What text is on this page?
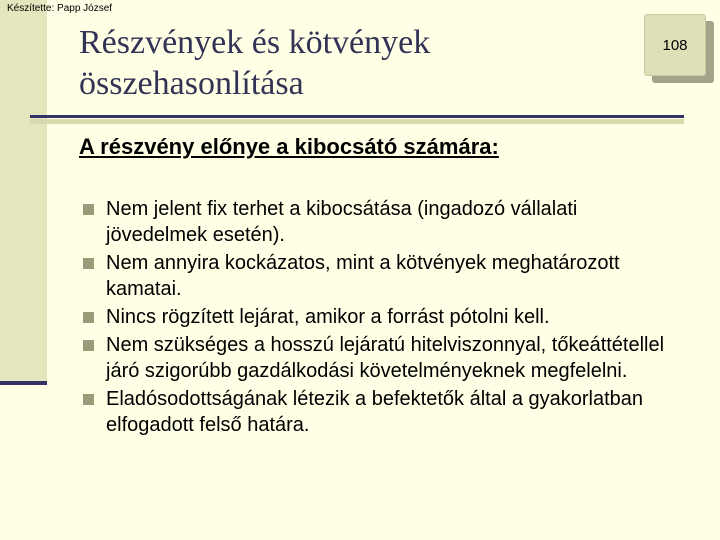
Készítette: Papp József
Részvények és kötvények
összehasonlítása
108
A részvény előnye a kibocsátó számára:
Nem jelent fix terhet a kibocsátása (ingadozó vállalati jövedelmek esetén).
Nem annyira kockázatos, mint a kötvények meghatározott kamatai.
Nincs rögzített lejárat, amikor a forrást pótolni kell.
Nem szükséges a hosszú lejáratú hitelviszonnyal, tőkeáttétellel járó szigorúbb gazdálkodási követelményeknek megfelelni.
Eladósodottságának létezik a befektetők által a gyakorlatban elfogadott felső határa.
